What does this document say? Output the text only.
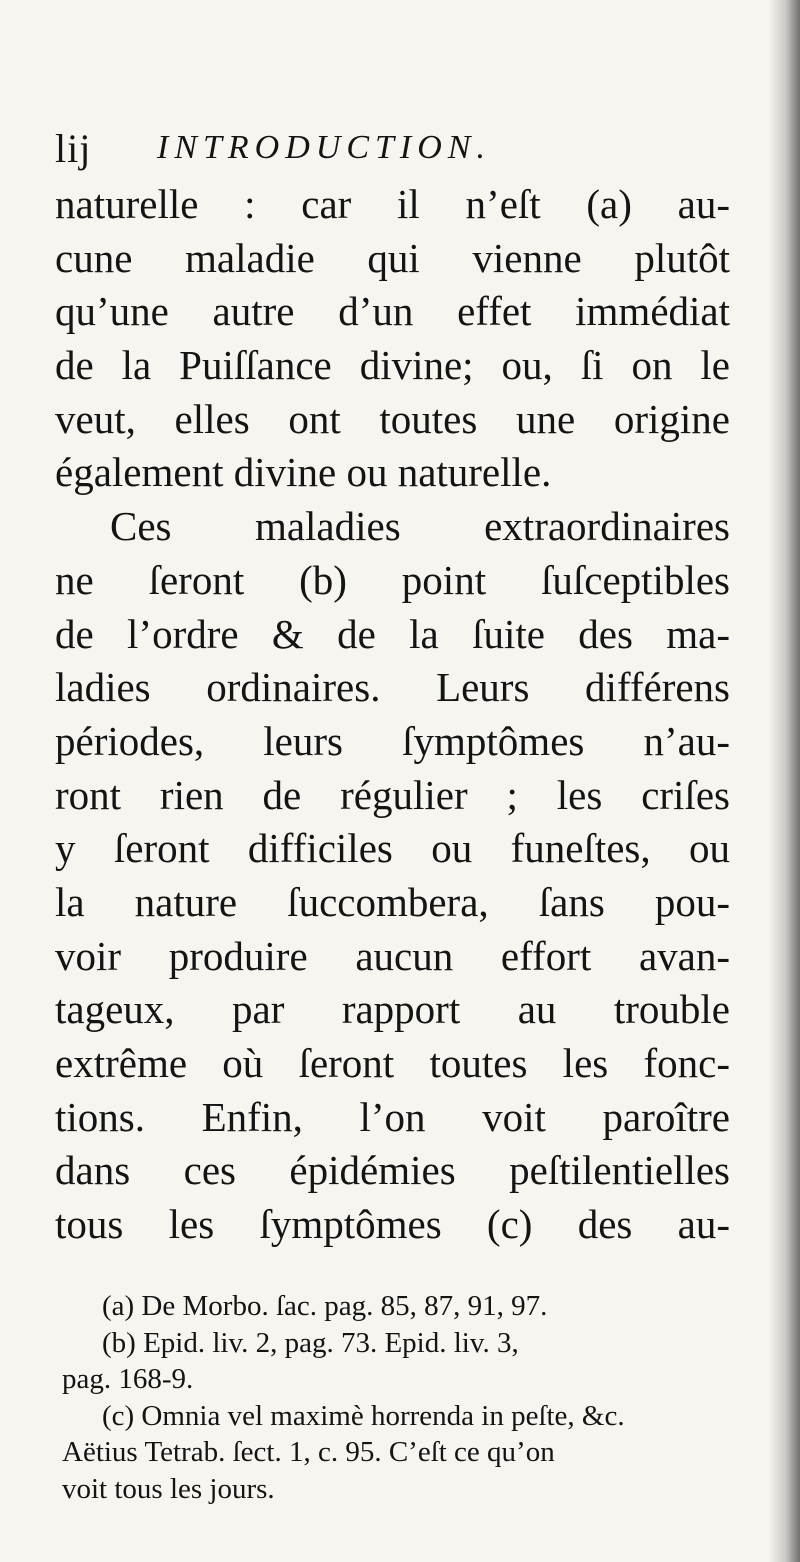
lij INTRODUCTION.
naturelle : car il n’eſt (a) au-
cune maladie qui vienne plutôt
qu’une autre d’un effet immédiat
de la Puiſſance divine; ou, ſi on le
veut, elles ont toutes une origine
également divine ou naturelle.
Ces maladies extraordinaires
ne ſeront (b) point ſuſceptibles
de l’ordre & de la ſuite des ma-
ladies ordinaires. Leurs différens
périodes, leurs ſymptômes n’au-
ront rien de régulier ; les criſes
y ſeront difficiles ou funeſtes, ou
la nature ſuccombera, ſans pou-
voir produire aucun effort avan-
tageux, par rapport au trouble
extrême où ſeront toutes les fonc-
tions. Enfin, l’on voit paroître
dans ces épidémies peſtilentielles
tous les ſymptômes (c) des au-
(a) De Morbo. ſac. pag. 85, 87, 91, 97.
(b) Epid. liv. 2, pag. 73. Epid. liv. 3,
pag. 168-9.
(c) Omnia vel maximè horrenda in peſte, &c.
Aëtius Tetrab. ſect. 1, c. 95. C’eſt ce qu’on
voit tous les jours.
